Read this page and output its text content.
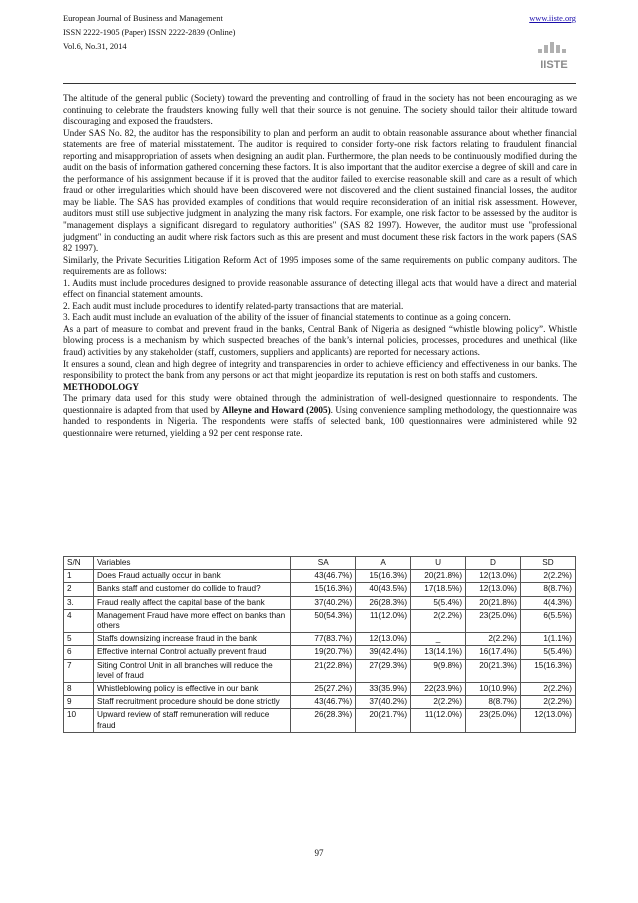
European Journal of Business and Management
ISSN 2222-1905 (Paper) ISSN 2222-2839 (Online)
Vol.6, No.31, 2014
www.iiste.org
IISTE

The altitude of the general public (Society) toward the preventing and controlling of fraud in the society has not been encouraging as we continuing to celebrate the fraudsters knowing fully well that their source is not genuine. The society should tailor their altitude toward discouraging and exposed the fraudsters.

Under SAS No. 82, the auditor has the responsibility to plan and perform an audit to obtain reasonable assurance about whether financial statements are free of material misstatement. The auditor is required to consider forty-one risk factors relating to fraudulent financial reporting and misappropriation of assets when designing an audit plan. Furthermore, the plan needs to be continuously modified during the audit on the basis of information gathered concerning these factors. It is also important that the auditor exercise a degree of skill and care in the performance of his assignment because if it is proved that the auditor failed to exercise reasonable skill and care as a result of which fraud or other irregularities which should have been discovered were not discovered and the client sustained financial losses, the auditor may be liable. The SAS has provided examples of conditions that would require reconsideration of an initial risk assessment. However, auditors must still use subjective judgment in analyzing the many risk factors. For example, one risk factor to be assessed by the auditor is "management displays a significant disregard to regulatory authorities" (SAS 82 1997). However, the auditor must use "professional judgment" in conducting an audit where risk factors such as this are present and must document these risk factors in the work papers (SAS 82 1997).

Similarly, the Private Securities Litigation Reform Act of 1995 imposes some of the same requirements on public company auditors. The requirements are as follows:

1. Audits must include procedures designed to provide reasonable assurance of detecting illegal acts that would have a direct and material effect on financial statement amounts.

2. Each audit must include procedures to identify related-party transactions that are material.

3. Each audit must include an evaluation of the ability of the issuer of financial statements to continue as a going concern.

As a part of measure to combat and prevent fraud in the banks, Central Bank of Nigeria as designed “whistle blowing policy”. Whistle blowing process is a mechanism by which suspected breaches of the bank’s internal policies, processes, procedures and unethical (like fraud) activities by any stakeholder (staff, customers, suppliers and applicants) are reported for necessary actions.

It ensures a sound, clean and high degree of integrity and transparencies in order to achieve efficiency and effectiveness in our banks. The responsibility to protect the bank from any persons or act that might jeopardize its reputation is rest on both staffs and customers.

METHODOLOGY

The primary data used for this study were obtained through the administration of well-designed questionnaire to respondents. The questionnaire is adapted from that used by Alleyne and Howard (2005). Using convenience sampling methodology, the questionnaire was handed to respondents in Nigeria. The respondents were staffs of selected bank, 100 questionnaires were administered while 92 questionnaire were returned, yielding a 92 per cent response rate.

S/N	Variables	SA	A	U	D	SD
1	Does Fraud actually occur in bank	43(46.7%)	15(16.3%)	20(21.8%)	12(13.0%)	2(2.2%)
2	Banks staff and customer do collide to fraud?	15(16.3%)	40(43.5%)	17(18.5%)	12(13.0%)	8(8.7%)
3.	Fraud really affect the capital base of the bank	37(40.2%)	26(28.3%)	5(5.4%)	20(21.8%)	4(4.3%)
4	Management Fraud have more effect on banks than others	50(54.3%)	11(12.0%)	2(2.2%)	23(25.0%)	6(5.5%)
5	Staffs downsizing increase fraud in the bank	77(83.7%)	12(13.0%)	_	2(2.2%)	1(1.1%)
6	Effective internal Control actually prevent fraud	19(20.7%)	39(42.4%)	13(14.1%)	16(17.4%)	5(5.4%)
7	Siting Control Unit in all branches will reduce the level of fraud	21(22.8%)	27(29.3%)	9(9.8%)	20(21.3%)	15(16.3%)
8	Whistleblowing policy is effective in our bank	25(27.2%)	33(35.9%)	22(23.9%)	10(10.9%)	2(2.2%)
9	Staff recruitment procedure should be done strictly	43(46.7%)	37(40.2%)	2(2.2%)	8(8.7%)	2(2.2%)
10	Upward review of staff remuneration will reduce fraud	26(28.3%)	20(21.7%)	11(12.0%)	23(25.0%)	12(13.0%)
97
